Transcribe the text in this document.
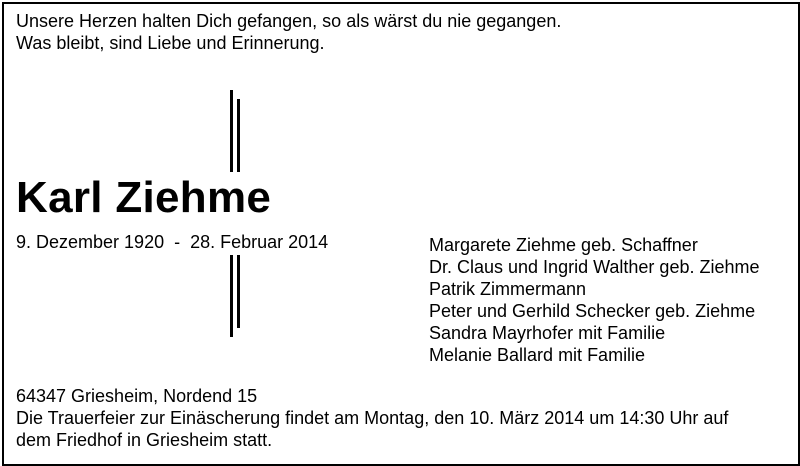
Unsere Herzen halten Dich gefangen, so als wärst du nie gegangen.
Was bleibt, sind Liebe und Erinnerung.
Karl Ziehme
9. Dezember 1920 - 28. Februar 2014	Margarete Ziehme geb. Schaffner
Dr. Claus und Ingrid Walther geb. Ziehme
Patrik Zimmermann
Peter und Gerhild Schecker geb. Ziehme
Sandra Mayrhofer mit Familie
Melanie Ballard mit Familie
64347 Griesheim, Nordend 15
Die Trauerfeier zur Einäscherung findet am Montag, den 10. März 2014 um 14:30 Uhr auf
dem Friedhof in Griesheim statt.
